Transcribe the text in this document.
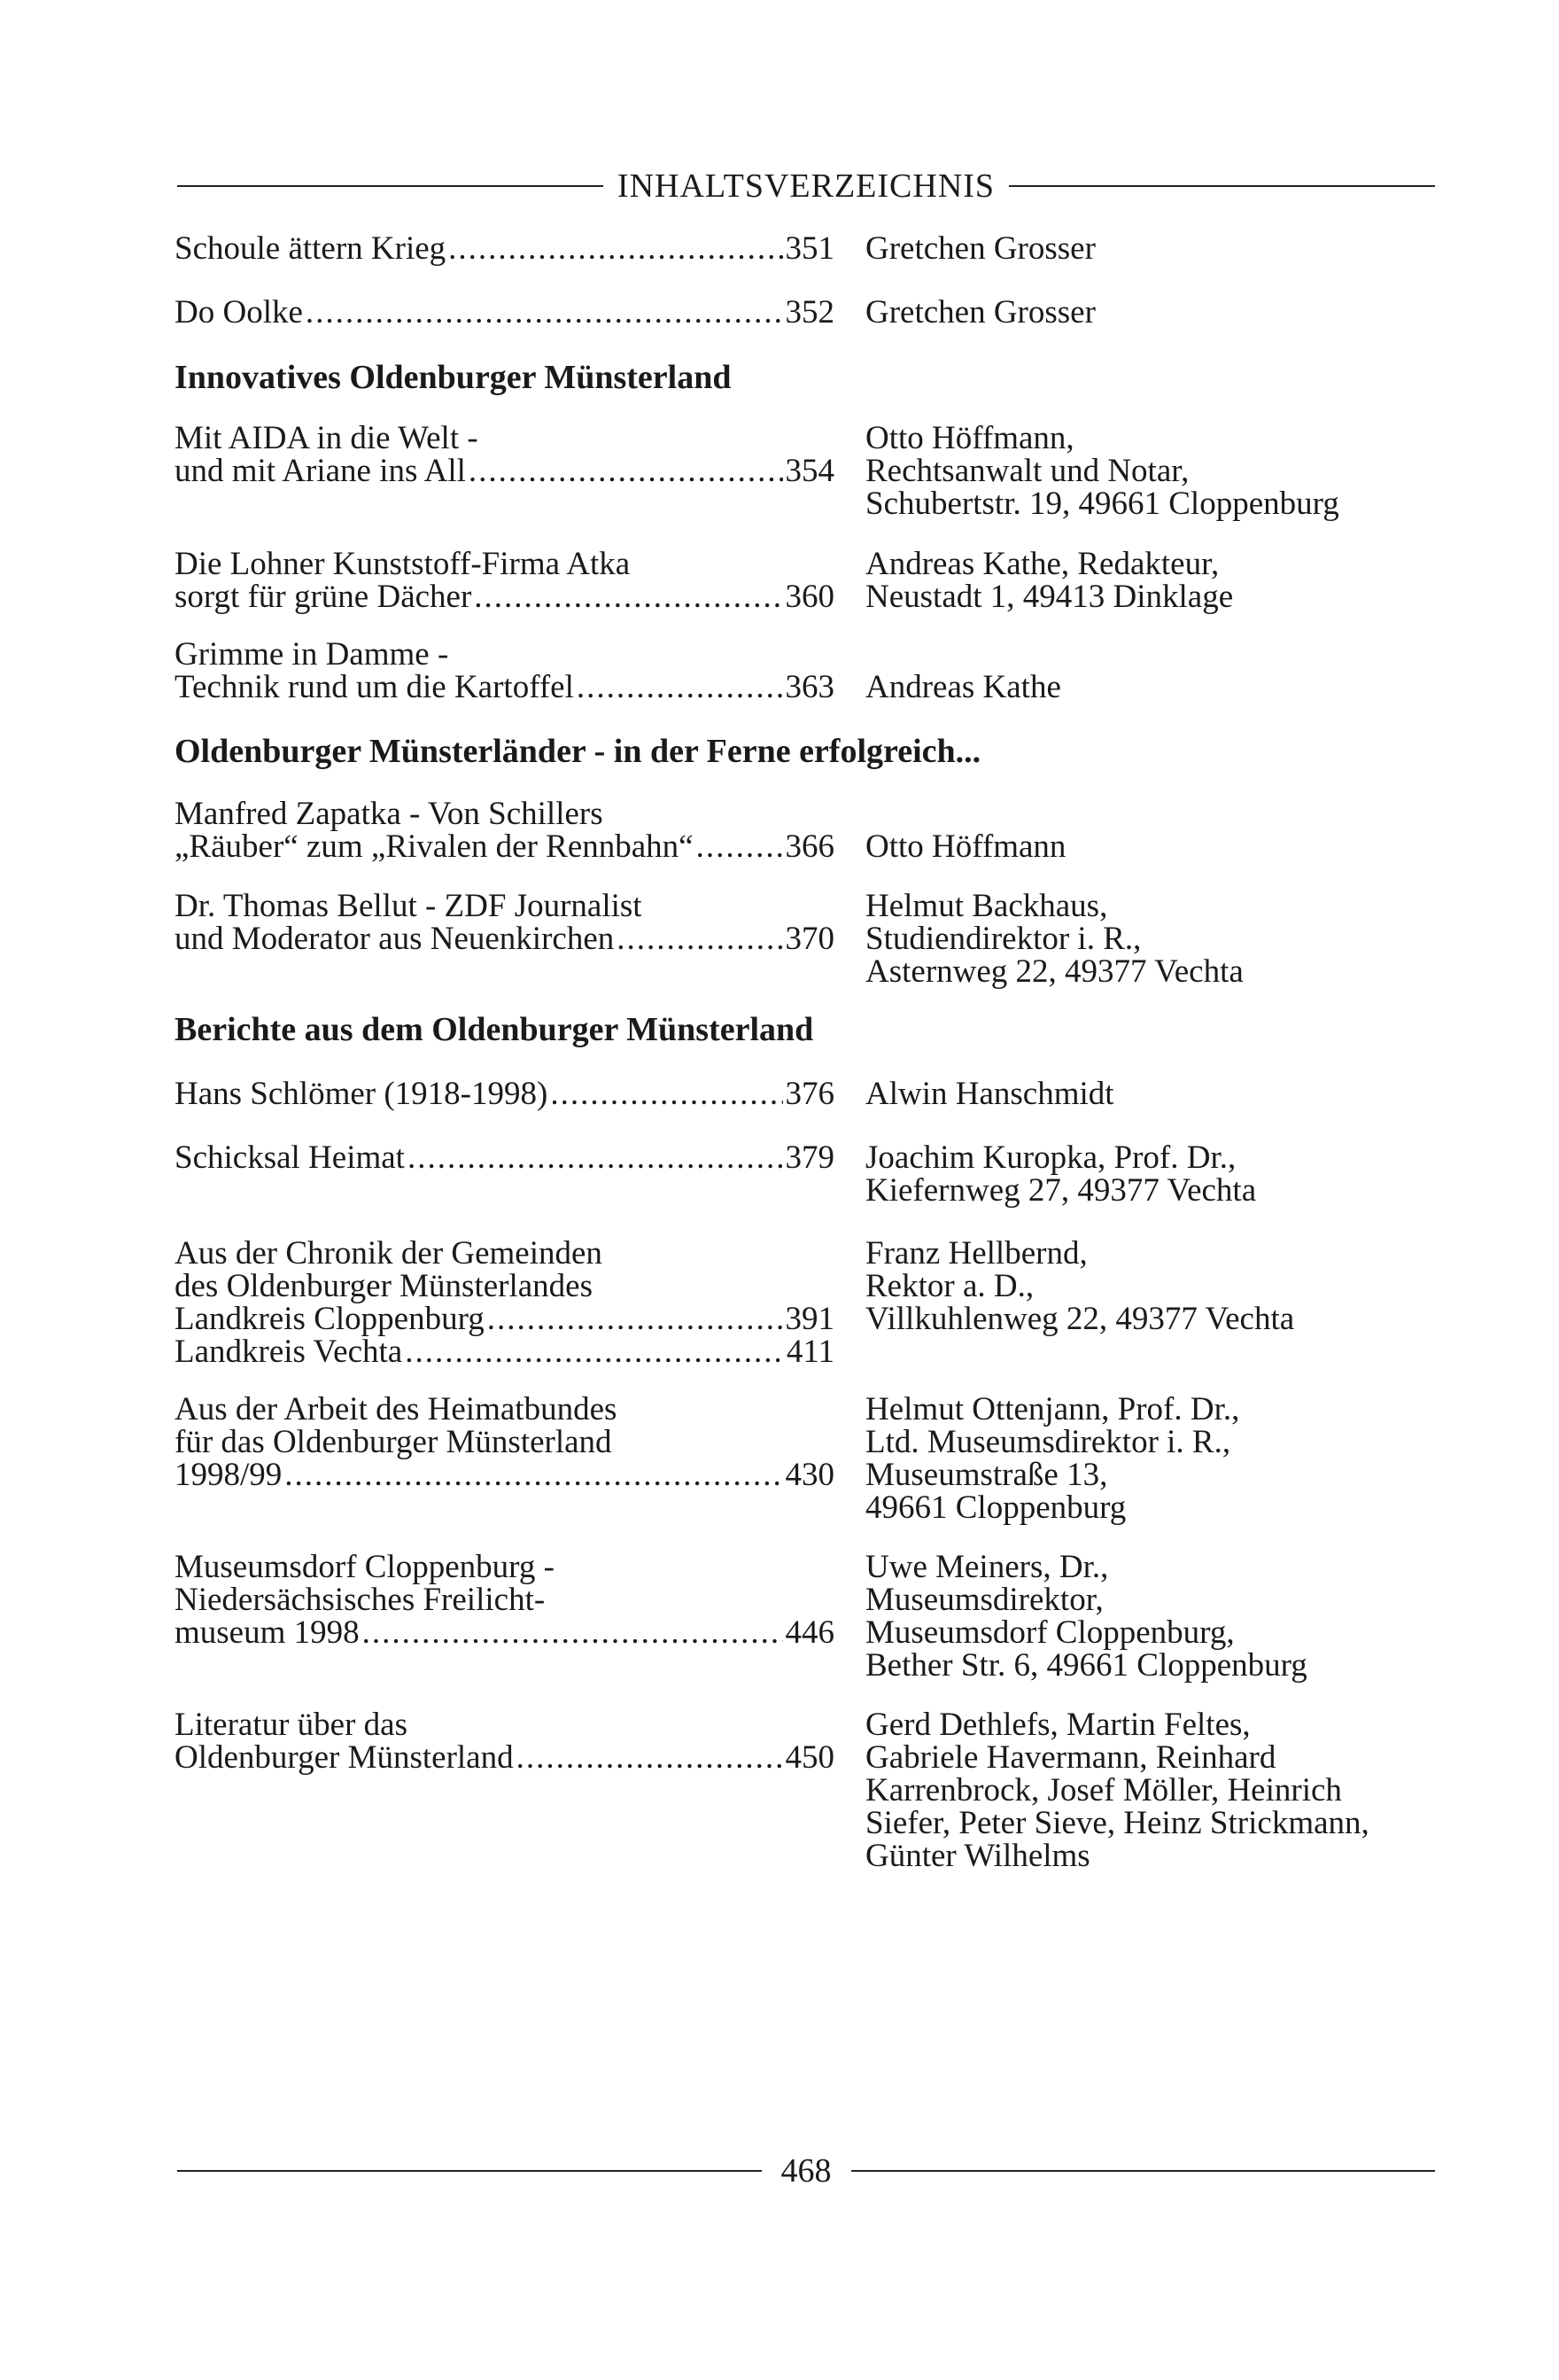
INHALTSVERZEICHNIS
Schoule ättern Krieg .....	351 Gretchen Grosser
Do Oolke .....	352 Gretchen Grosser
Innovatives Oldenburger Münsterland
Mit AIDA in die Welt -
und mit Ariane ins All .....	354
Otto Höffmann,
Rechtsanwalt und Notar,
Schubertstr. 19, 49661 Cloppenburg
Die Lohner Kunststoff-Firma Atka
sorgt für grüne Dächer .....	360
Andreas Kathe, Redakteur,
Neustadt 1, 49413 Dinklage
Grimme in Damme -
Technik rund um die Kartoffel .....	363 Andreas Kathe
Oldenburger Münsterländer - in der Ferne erfolgreich...
Manfred Zapatka - Von Schillers
„Räuber“ zum „Rivalen der Rennbahn“ .....	366 Otto Höffmann
Dr. Thomas Bellut - ZDF Journalist
und Moderator aus Neuenkirchen .....	370
Helmut Backhaus,
Studiendirektor i. R.,
Asternweg 22, 49377 Vechta
Berichte aus dem Oldenburger Münsterland
Hans Schlömer (1918-1998) .....	376 Alwin Hanschmidt
Schicksal Heimat .....	379 Joachim Kuropka, Prof. Dr.,
Kiefernweg 27, 49377 Vechta
Aus der Chronik der Gemeinden
des Oldenburger Münsterlandes
Landkreis Cloppenburg .....	391
Landkreis Vechta .....	411
Franz Hellbernd,
Rektor a. D.,
Villkuhlenweg 22, 49377 Vechta
Aus der Arbeit des Heimatbundes
für das Oldenburger Münsterland
1998/99 .....	430
Helmut Ottenjann, Prof. Dr.,
Ltd. Museumsdirektor i. R.,
Museumstraße 13,
49661 Cloppenburg
Museumsdorf Cloppenburg -
Niedersächsisches Freilicht-
museum 1998 .....	446
Uwe Meiners, Dr.,
Museumsdirektor,
Museumsdorf Cloppenburg,
Bether Str. 6, 49661 Cloppenburg
Literatur über das
Oldenburger Münsterland .....	450
Gerd Dethlefs, Martin Feltes,
Gabriele Havermann, Reinhard
Karrenbrock, Josef Möller, Heinrich
Siefer, Peter Sieve, Heinz Strickmann,
Günter Wilhelms
468
